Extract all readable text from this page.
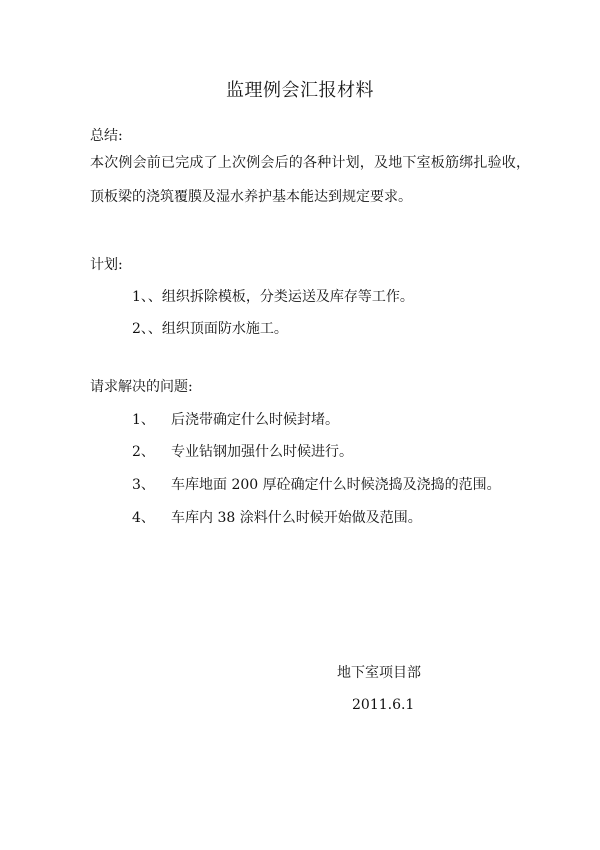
监理例会汇报材料
总结:
本次例会前已完成了上次例会后的各种计划，及地下室板筋绑扎验收，顶板梁的浇筑覆膜及湿水养护基本能达到规定要求。
计划:
1、、组织拆除模板，分类运送及库存等工作。
2、、组织顶面防水施工。
请求解决的问题:
1、 后浇带确定什么时候封堵。
2、 专业钻钢加强什么时候进行。
3、 车库地面 200 厚砼确定什么时候浇捣及浇捣的范围。
4、 车库内 38 涂料什么时候开始做及范围。
地下室项目部
2011.6.1
